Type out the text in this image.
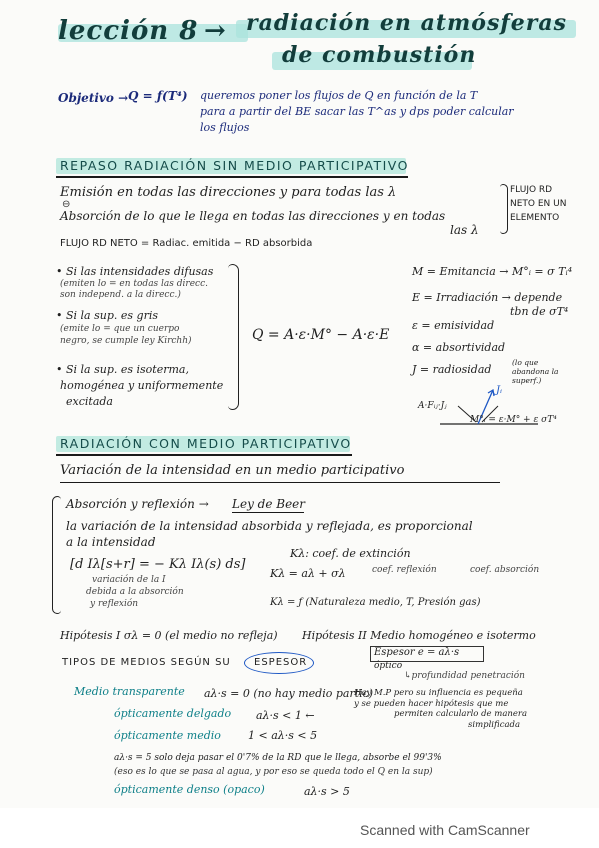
lección 8 → radiación en atmósferas
de combustión
Objetivo → Q = ƒ(T⁴) queremos poner los flujos de Q en función de la T
para a partir del BE sacar las T^as y dps poder calcular
los flujos
REPASO RADIACIÓN SIN MEDIO PARTICIPATIVO
Emisión en todas las direcciones y para todas las λ
⊖
Absorción de lo que le llega en todas las direcciones y en todas
las λ
FLUJO RD
NETO EN UN
ELEMENTO
FLUJO RD NETO = Radiac. emitida − RD absorbida
• Si las intensidades difusas
(emiten lo = en todas las direcc.
son independ. a la direcc.)
• Si la sup. es gris
(emite lo = que un cuerpo
negro, se cumple ley Kirchh)
• Si la sup. es isoterma,
homogénea y uniformemente
excitada
Q = A·ε·M° − A·ε·E
M = Emitancia → M°ᵢ = σ Tᵢ⁴
E = Irradiación → depende
tbn de σT⁴
ε = emisividad
α = absortividad
J = radiosidad
(lo que abandona la superf.)
Jᵢ
A·Fᵢⱼ·Jⱼ
M°ᵢ = ε·M° + ε σT⁴
RADIACIÓN CON MEDIO PARTICIPATIVO
Variación de la intensidad en un medio participativo
Absorción y reflexión → Ley de Beer
la variación de la intensidad absorbida y reflejada, es proporcional
a la intensidad
[d Iλ[s+r] = − Kλ Iλ(s) ds]
variación de la I
debida a la absorción
y reflexión
Kλ: coef. de extinción
Kλ = aλ + σλ	coef. reflexión	coef. absorción
Kλ = ƒ (Naturaleza medio, T, Presión gas)
Hipótesis I σλ = 0 (el medio no refleja) Hipótesis II Medio homogéneo e isotermo
TIPOS DE MEDIOS SEGÚN SU ESPESOR
Espesor e = aλ·s
óptico
↳profundidad penetración
Medio transparente aλ·s = 0 (no hay medio partic)
ópticamente delgado aλ·s < 1 ←
Hay M.P pero su influencia es pequeña
y se pueden hacer hipótesis que me
permiten calcularlo de manera
simplificada
ópticamente medio 1 < aλ·s < 5
aλ·s = 5 solo deja pasar el 0'7% de la RD que le llega, absorbe el 99'3%
(eso es lo que se pasa al agua, y por eso se queda todo el Q en la sup)
ópticamente denso (opaco)	aλ·s > 5
Scanned with CamScanner
